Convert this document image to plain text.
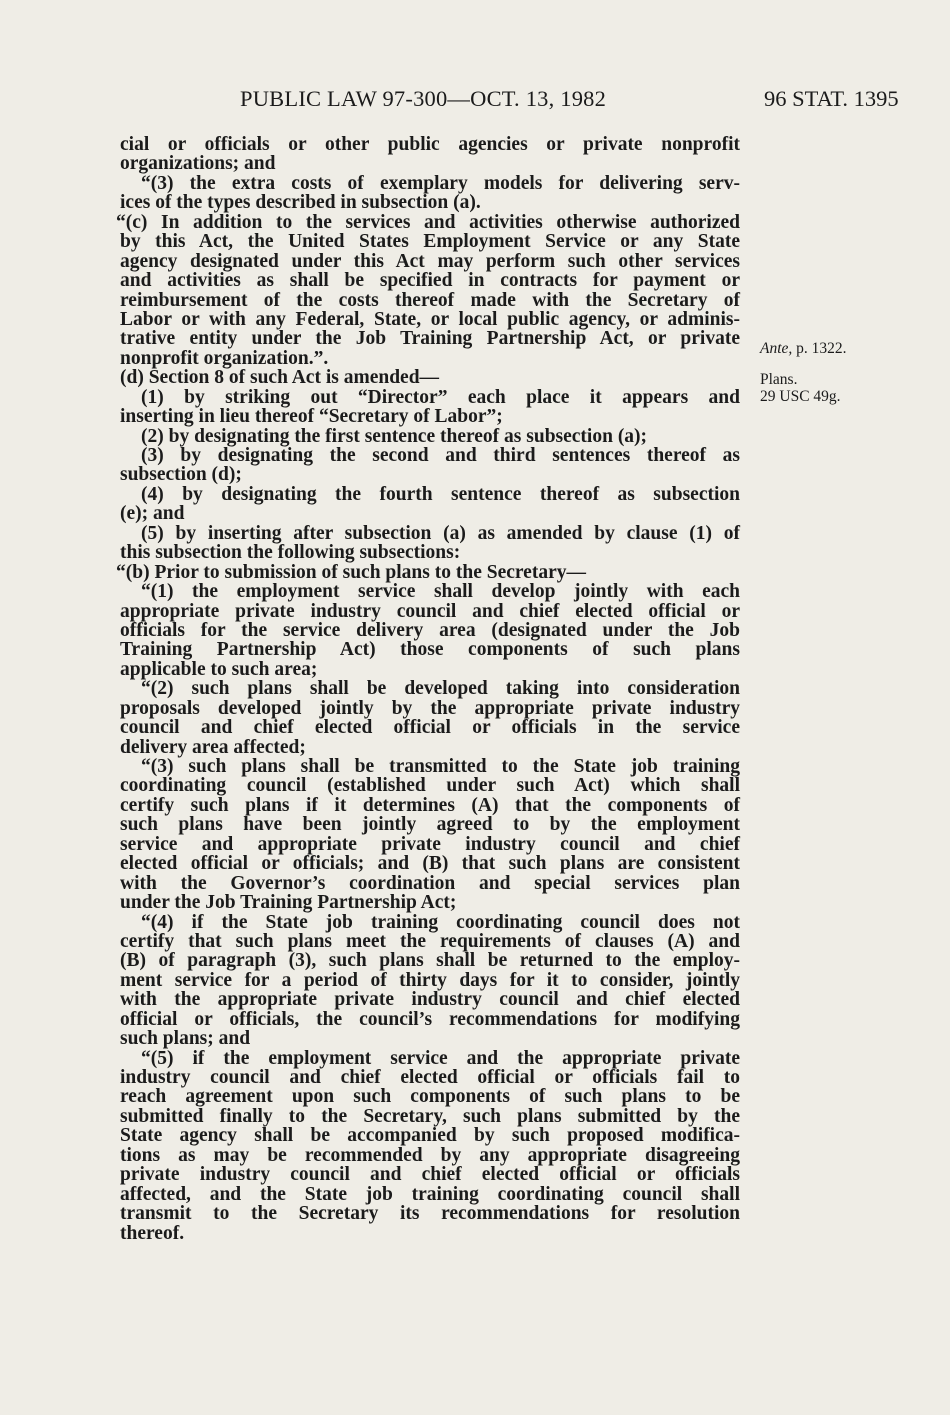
PUBLIC LAW 97-300—OCT. 13, 1982	96 STAT. 1395
cial or officials or other public agencies or private nonprofit
organizations; and
“(3) the extra costs of exemplary models for delivering serv-
ices of the types described in subsection (a).
“(c) In addition to the services and activities otherwise authorized
by this Act, the United States Employment Service or any State
agency designated under this Act may perform such other services
and activities as shall be specified in contracts for payment or
reimbursement of the costs thereof made with the Secretary of
Labor or with any Federal, State, or local public agency, or adminis-
trative entity under the Job Training Partnership Act, or private
nonprofit organization.”.
(d) Section 8 of such Act is amended—
(1) by striking out “Director” each place it appears and
inserting in lieu thereof “Secretary of Labor”;
(2) by designating the first sentence thereof as subsection (a);
(3) by designating the second and third sentences thereof as
subsection (d);
(4) by designating the fourth sentence thereof as subsection
(e); and
(5) by inserting after subsection (a) as amended by clause (1) of
this subsection the following subsections:
“(b) Prior to submission of such plans to the Secretary—
“(1) the employment service shall develop jointly with each
appropriate private industry council and chief elected official or
officials for the service delivery area (designated under the Job
Training Partnership Act) those components of such plans
applicable to such area;
“(2) such plans shall be developed taking into consideration
proposals developed jointly by the appropriate private industry
council and chief elected official or officials in the service
delivery area affected;
“(3) such plans shall be transmitted to the State job training
coordinating council (established under such Act) which shall
certify such plans if it determines (A) that the components of
such plans have been jointly agreed to by the employment
service and appropriate private industry council and chief
elected official or officials; and (B) that such plans are consistent
with the Governor’s coordination and special services plan
under the Job Training Partnership Act;
“(4) if the State job training coordinating council does not
certify that such plans meet the requirements of clauses (A) and
(B) of paragraph (3), such plans shall be returned to the employ-
ment service for a period of thirty days for it to consider, jointly
with the appropriate private industry council and chief elected
official or officials, the council’s recommendations for modifying
such plans; and
“(5) if the employment service and the appropriate private
industry council and chief elected official or officials fail to
reach agreement upon such components of such plans to be
submitted finally to the Secretary, such plans submitted by the
State agency shall be accompanied by such proposed modifica-
tions as may be recommended by any appropriate disagreeing
private industry council and chief elected official or officials
affected, and the State job training coordinating council shall
transmit to the Secretary its recommendations for resolution
thereof.
Ante, p. 1322.
Plans.
29 USC 49g.
